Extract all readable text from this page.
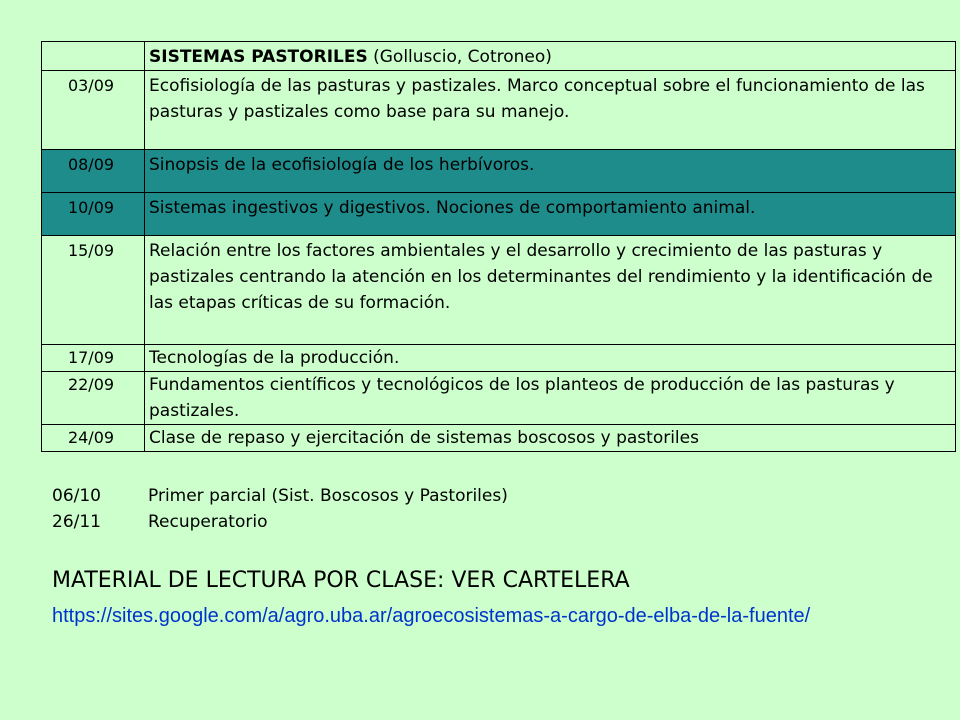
	SISTEMAS PASTORILES (Golluscio, Cotroneo)
03/09	Ecofisiología de las pasturas y pastizales. Marco conceptual sobre el funcionamiento de las pasturas y pastizales como base para su manejo.
08/09	Sinopsis de la ecofisiología de los herbívoros.
10/09	Sistemas ingestivos y digestivos. Nociones de comportamiento animal.
15/09	Relación entre los factores ambientales y el desarrollo y crecimiento de las pasturas y pastizales centrando la atención en los determinantes del rendimiento y la identificación de las etapas críticas de su formación.
17/09	Tecnologías de la producción.
22/09	Fundamentos científicos y tecnológicos de los planteos de producción de las pasturas y pastizales.
24/09	Clase de repaso y ejercitación de sistemas boscosos y pastoriles
06/10	Primer parcial (Sist. Boscosos y Pastoriles)
26/11	Recuperatorio
MATERIAL DE LECTURA POR CLASE: VER CARTELERA
https://sites.google.com/a/agro.uba.ar/agroecosistemas-a-cargo-de-elba-de-la-fuente/
